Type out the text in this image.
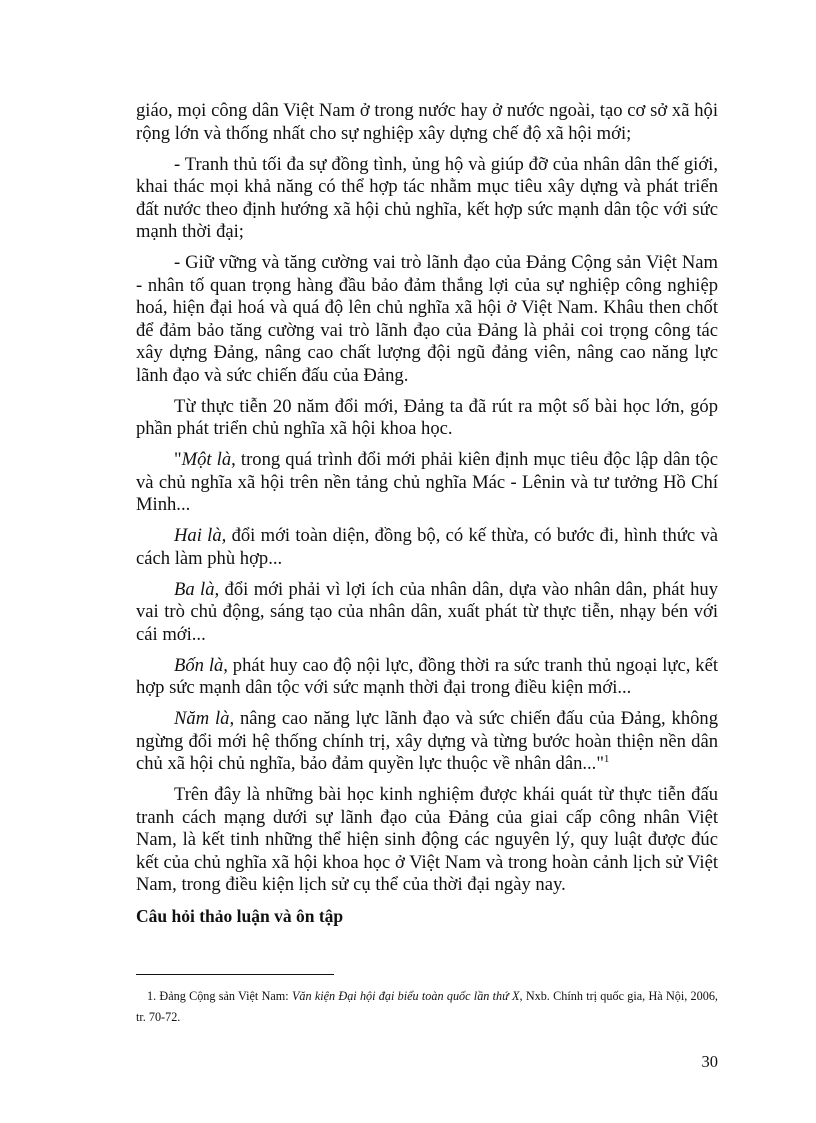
giáo, mọi công dân Việt Nam ở trong nước hay ở nước ngoài, tạo cơ sở xã hội rộng lớn và thống nhất cho sự nghiệp xây dựng chế độ xã hội mới;

- Tranh thủ tối đa sự đồng tình, ủng hộ và giúp đỡ của nhân dân thế giới, khai thác mọi khả năng có thể hợp tác nhằm mục tiêu xây dựng và phát triển đất nước theo định hướng xã hội chủ nghĩa, kết hợp sức mạnh dân tộc với sức mạnh thời đại;

- Giữ vững và tăng cường vai trò lãnh đạo của Đảng Cộng sản Việt Nam - nhân tố quan trọng hàng đầu bảo đảm thắng lợi của sự nghiệp công nghiệp hoá, hiện đại hoá và quá độ lên chủ nghĩa xã hội ở Việt Nam. Khâu then chốt để đảm bảo tăng cường vai trò lãnh đạo của Đảng là phải coi trọng công tác xây dựng Đảng, nâng cao chất lượng đội ngũ đảng viên, nâng cao năng lực lãnh đạo và sức chiến đấu của Đảng.

Từ thực tiễn 20 năm đổi mới, Đảng ta đã rút ra một số bài học lớn, góp phần phát triển chủ nghĩa xã hội khoa học.

"Một là, trong quá trình đổi mới phải kiên định mục tiêu độc lập dân tộc và chủ nghĩa xã hội trên nền tảng chủ nghĩa Mác - Lênin và tư tưởng Hồ Chí Minh...

Hai là, đổi mới toàn diện, đồng bộ, có kế thừa, có bước đi, hình thức và cách làm phù hợp...

Ba là, đổi mới phải vì lợi ích của nhân dân, dựa vào nhân dân, phát huy vai trò chủ động, sáng tạo của nhân dân, xuất phát từ thực tiễn, nhạy bén với cái mới...

Bốn là, phát huy cao độ nội lực, đồng thời ra sức tranh thủ ngoại lực, kết hợp sức mạnh dân tộc với sức mạnh thời đại trong điều kiện mới...

Năm là, nâng cao năng lực lãnh đạo và sức chiến đấu của Đảng, không ngừng đổi mới hệ thống chính trị, xây dựng và từng bước hoàn thiện nền dân chủ xã hội chủ nghĩa, bảo đảm quyền lực thuộc về nhân dân..."$^1$

Trên đây là những bài học kinh nghiệm được khái quát từ thực tiễn đấu tranh cách mạng dưới sự lãnh đạo của Đảng của giai cấp công nhân Việt Nam, là kết tinh những thể hiện sinh động các nguyên lý, quy luật được đúc kết của chủ nghĩa xã hội khoa học ở Việt Nam và trong hoàn cảnh lịch sử Việt Nam, trong điều kiện lịch sử cụ thể của thời đại ngày nay.

Câu hỏi thảo luận và ôn tập

1. Đảng Cộng sản Việt Nam: Văn kiện Đại hội đại biểu toàn quốc lần thứ X, Nxb. Chính trị quốc gia, Hà Nội, 2006, tr. 70-72.
30
